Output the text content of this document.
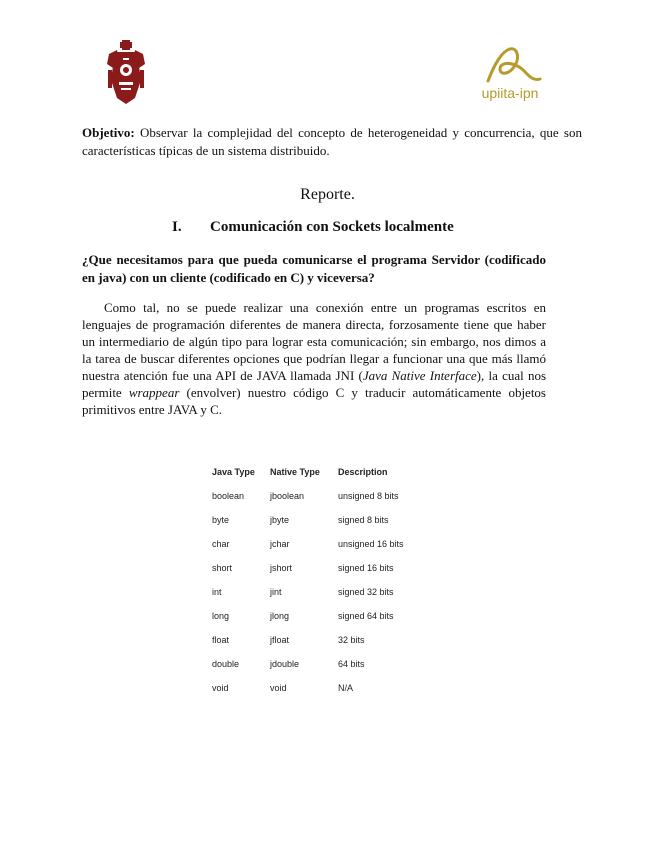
upiita-ipn
Objetivo: Observar la complejidad del concepto de heterogeneidad y concurrencia, que son características típicas de un sistema distribuido.
Reporte.
I. Comunicación con Sockets localmente
¿Que necesitamos para que pueda comunicarse el programa Servidor (codificado en java) con un cliente (codificado en C) y viceversa?
Como tal, no se puede realizar una conexión entre un programas escritos en lenguajes de programación diferentes de manera directa, forzosamente tiene que haber un intermediario de algún tipo para lograr esta comunicación; sin embargo, nos dimos a la tarea de buscar diferentes opciones que podrían llegar a funcionar una que más llamó nuestra atención fue una API de JAVA llamada JNI (Java Native Interface), la cual nos permite wrappear (envolver) nuestro código C y traducir automáticamente objetos primitivos entre JAVA y C.
Java Type	Native Type	Description
boolean	jboolean	unsigned 8 bits
byte	jbyte	signed 8 bits
char	jchar	unsigned 16 bits
short	jshort	signed 16 bits
int	jint	signed 32 bits
long	jlong	signed 64 bits
float	jfloat	32 bits
double	jdouble	64 bits
void	void	N/A
